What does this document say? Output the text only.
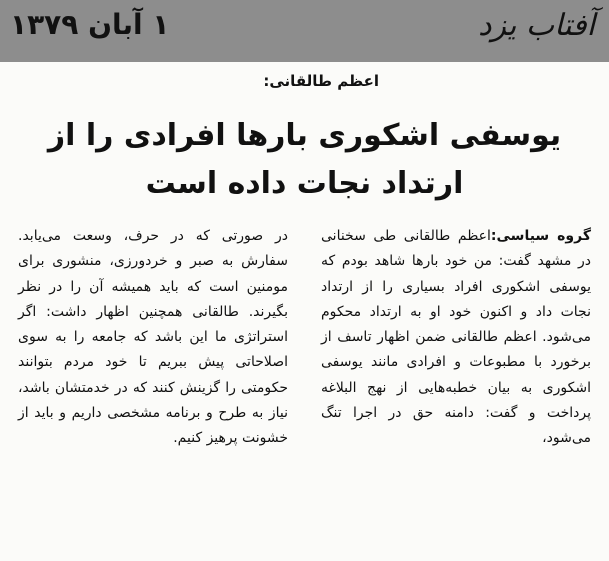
۱ آبان ۱۳۷۹	آفتاب یزد
اعظم طالقانی:
یوسفی اشکوری بارها افرادی را از ارتداد نجات داده است

گروه سیاسی:اعظم طالقانی طی سخنانی در مشهد گفت: من خود بارها شاهد بودم که یوسفی اشکوری افراد بسیاری را از ارتداد نجات داد و اکنون خود او به ارتداد محکوم می‌شود. اعظم طالقانی ضمن اظهار تاسف از برخورد با مطبوعات و افرادی مانند یوسفی اشکوری به بیان خطبه‌هایی از نهج البلاغه پرداخت و گفت: دامنه حق در اجرا تنگ می‌شود،

در صورتی که در حرف، وسعت می‌یابد. سفارش به صبر و خردورزی، منشوری برای مومنین است که باید همیشه آن را در نظر بگیرند. طالقانی همچنین اظهار داشت: اگر استراتژی ما این باشد که جامعه را به سوی اصلاحاتی پیش ببریم تا خود مردم بتوانند حکومتی را گزینش کنند که در خدمتشان باشد، نیاز به طرح و برنامه مشخصی داریم و باید از خشونت پرهیز کنیم.
